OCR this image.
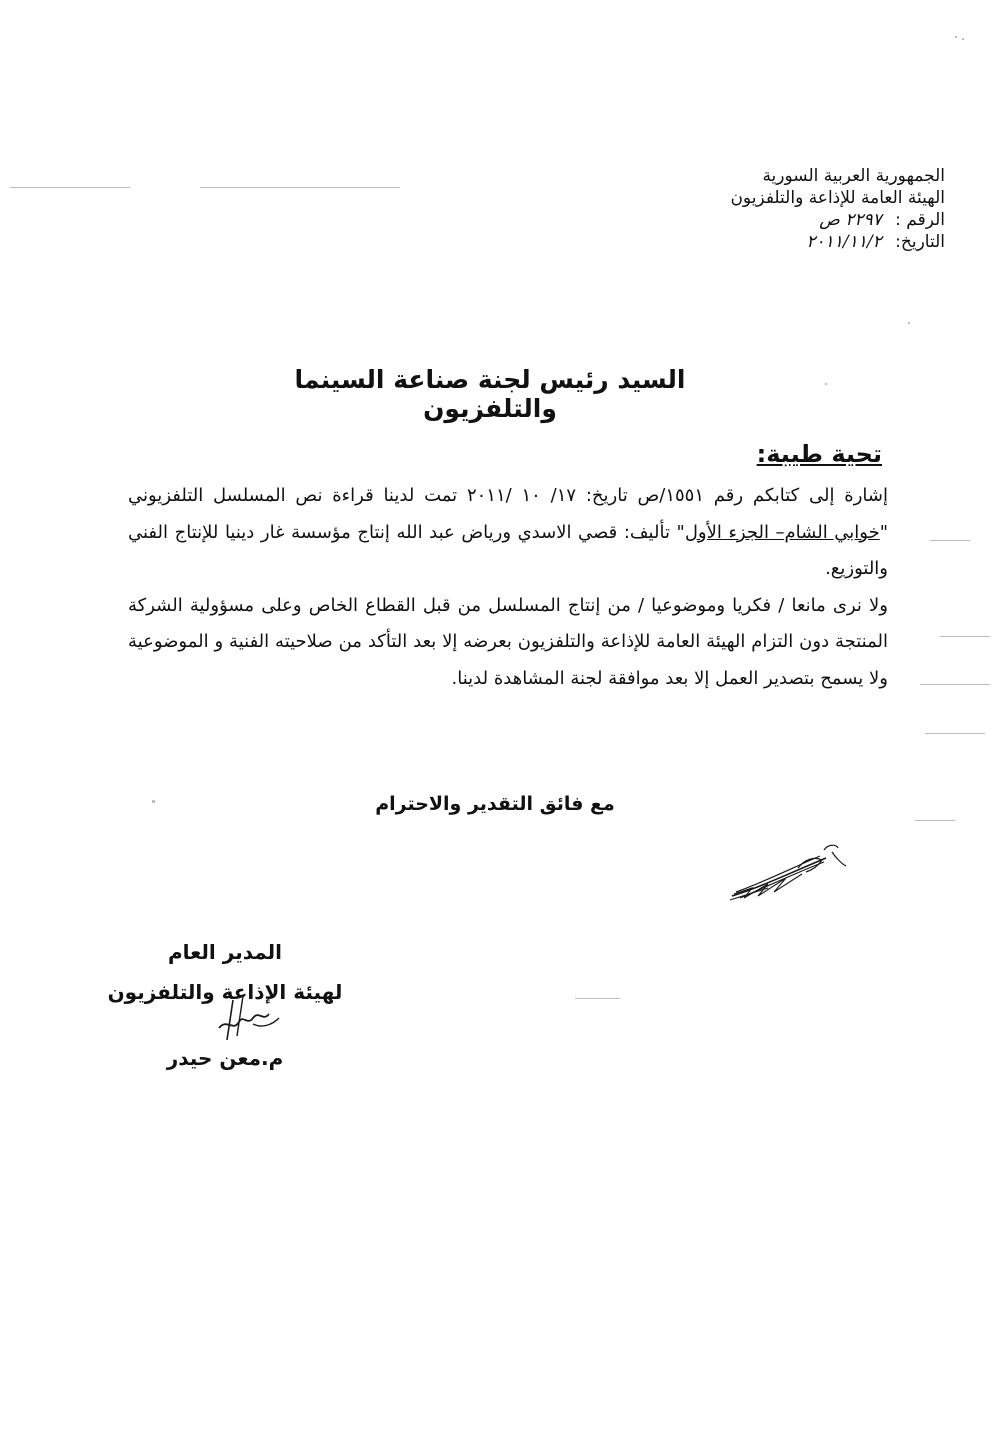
الجمهورية العربية السورية
الهيئة العامة للإذاعة والتلفزيون
الرقم : ٢٢٩٧ ص
التاريخ: ٢٠١١/١١/٢
السيد رئيس لجنة صناعة السينما والتلفزيون
تحية طيبة:

إشارة إلى كتابكم رقم ١٥٥١/ص تاريخ: ١٧/ ١٠ /٢٠١١ تمت لدينا قراءة نص المسلسل التلفزيوني "خوابي الشام– الجزء الأول" تأليف: قصي الاسدي ورياض عبد الله إنتاج مؤسسة غار دينيا للإنتاج الفني والتوزيع.

ولا نرى مانعا / فكريا وموضوعيا / من إنتاج المسلسل من قبل القطاع الخاص وعلى مسؤولية الشركة المنتجة دون التزام الهيئة العامة للإذاعة والتلفزيون بعرضه إلا بعد التأكد من صلاحيته الفنية و الموضوعية ولا يسمح بتصدير العمل إلا بعد موافقة لجنة المشاهدة لدينا.

مع فائق التقدير والاحترام
المدير العام
لهيئة الإذاعة والتلفزيون
م.معن حيدر
